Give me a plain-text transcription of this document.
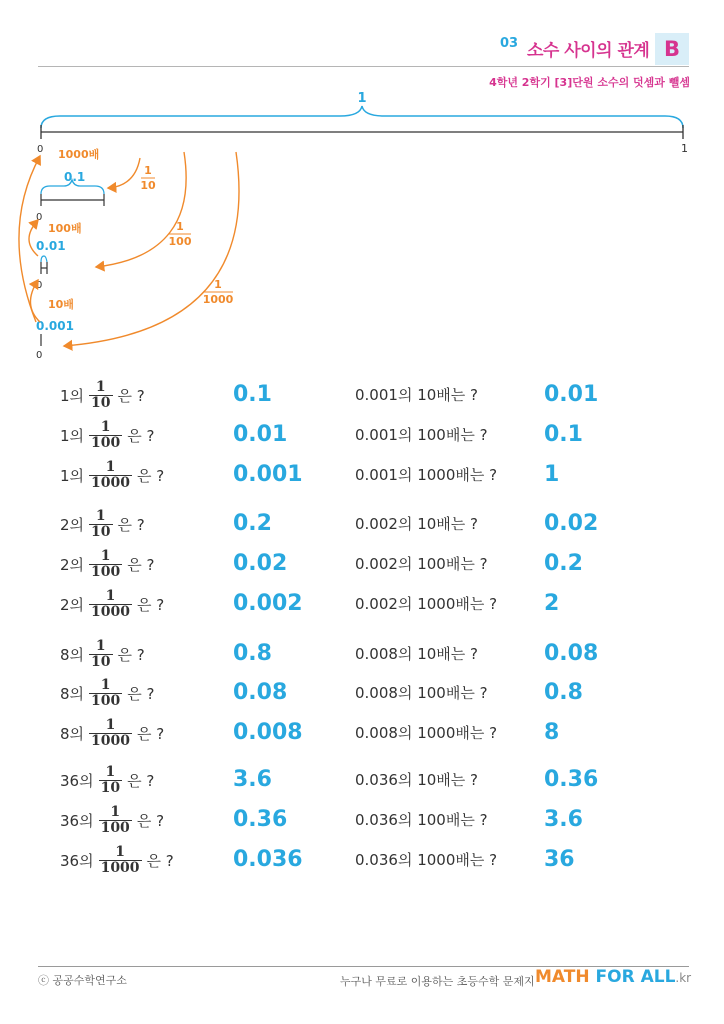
03 소수 사이의 관계 B
4학년 2학기 [3]단원 소수의 덧셈과 뺄셈
1
0	1
0.1
0
0.01
0
0.001
0
10배
100배
1000배
1
10
1
100
1
1000
1의 $\frac{1}{10}$ 은 ?	0.1	0.001의 10배는 ?	0.01
1의 $\frac{1}{100}$ 은 ?	0.01	0.001의 100배는 ?	0.1
1의 $\frac{1}{1000}$ 은 ?	0.001	0.001의 1000배는 ? 1
2의 $\frac{1}{10}$ 은 ?	0.2	0.002의 10배는 ?	0.02
2의 $\frac{1}{100}$ 은 ?	0.02	0.002의 100배는 ?	0.2
2의 $\frac{1}{1000}$ 은 ?	0.002	0.002의 1000배는 ? 2
8의 $\frac{1}{10}$ 은 ?	0.8	0.008의 10배는 ?	0.08
8의 $\frac{1}{100}$ 은 ?	0.08	0.008의 100배는 ?	0.8
8의 $\frac{1}{1000}$ 은 ?	0.008	0.008의 1000배는 ? 8
36의 $\frac{1}{10}$ 은 ?	3.6	0.036의 10배는 ?	0.36
36의 $\frac{1}{100}$ 은 ?	0.36	0.036의 100배는 ?	3.6
36의 $\frac{1}{1000}$ 은 ?	0.036	0.036의 1000배는 ? 36
ⓒ 공공수학연구소	누구나 무료로 이용하는 초등수학 문제지 MATH FOR ALL.kr
